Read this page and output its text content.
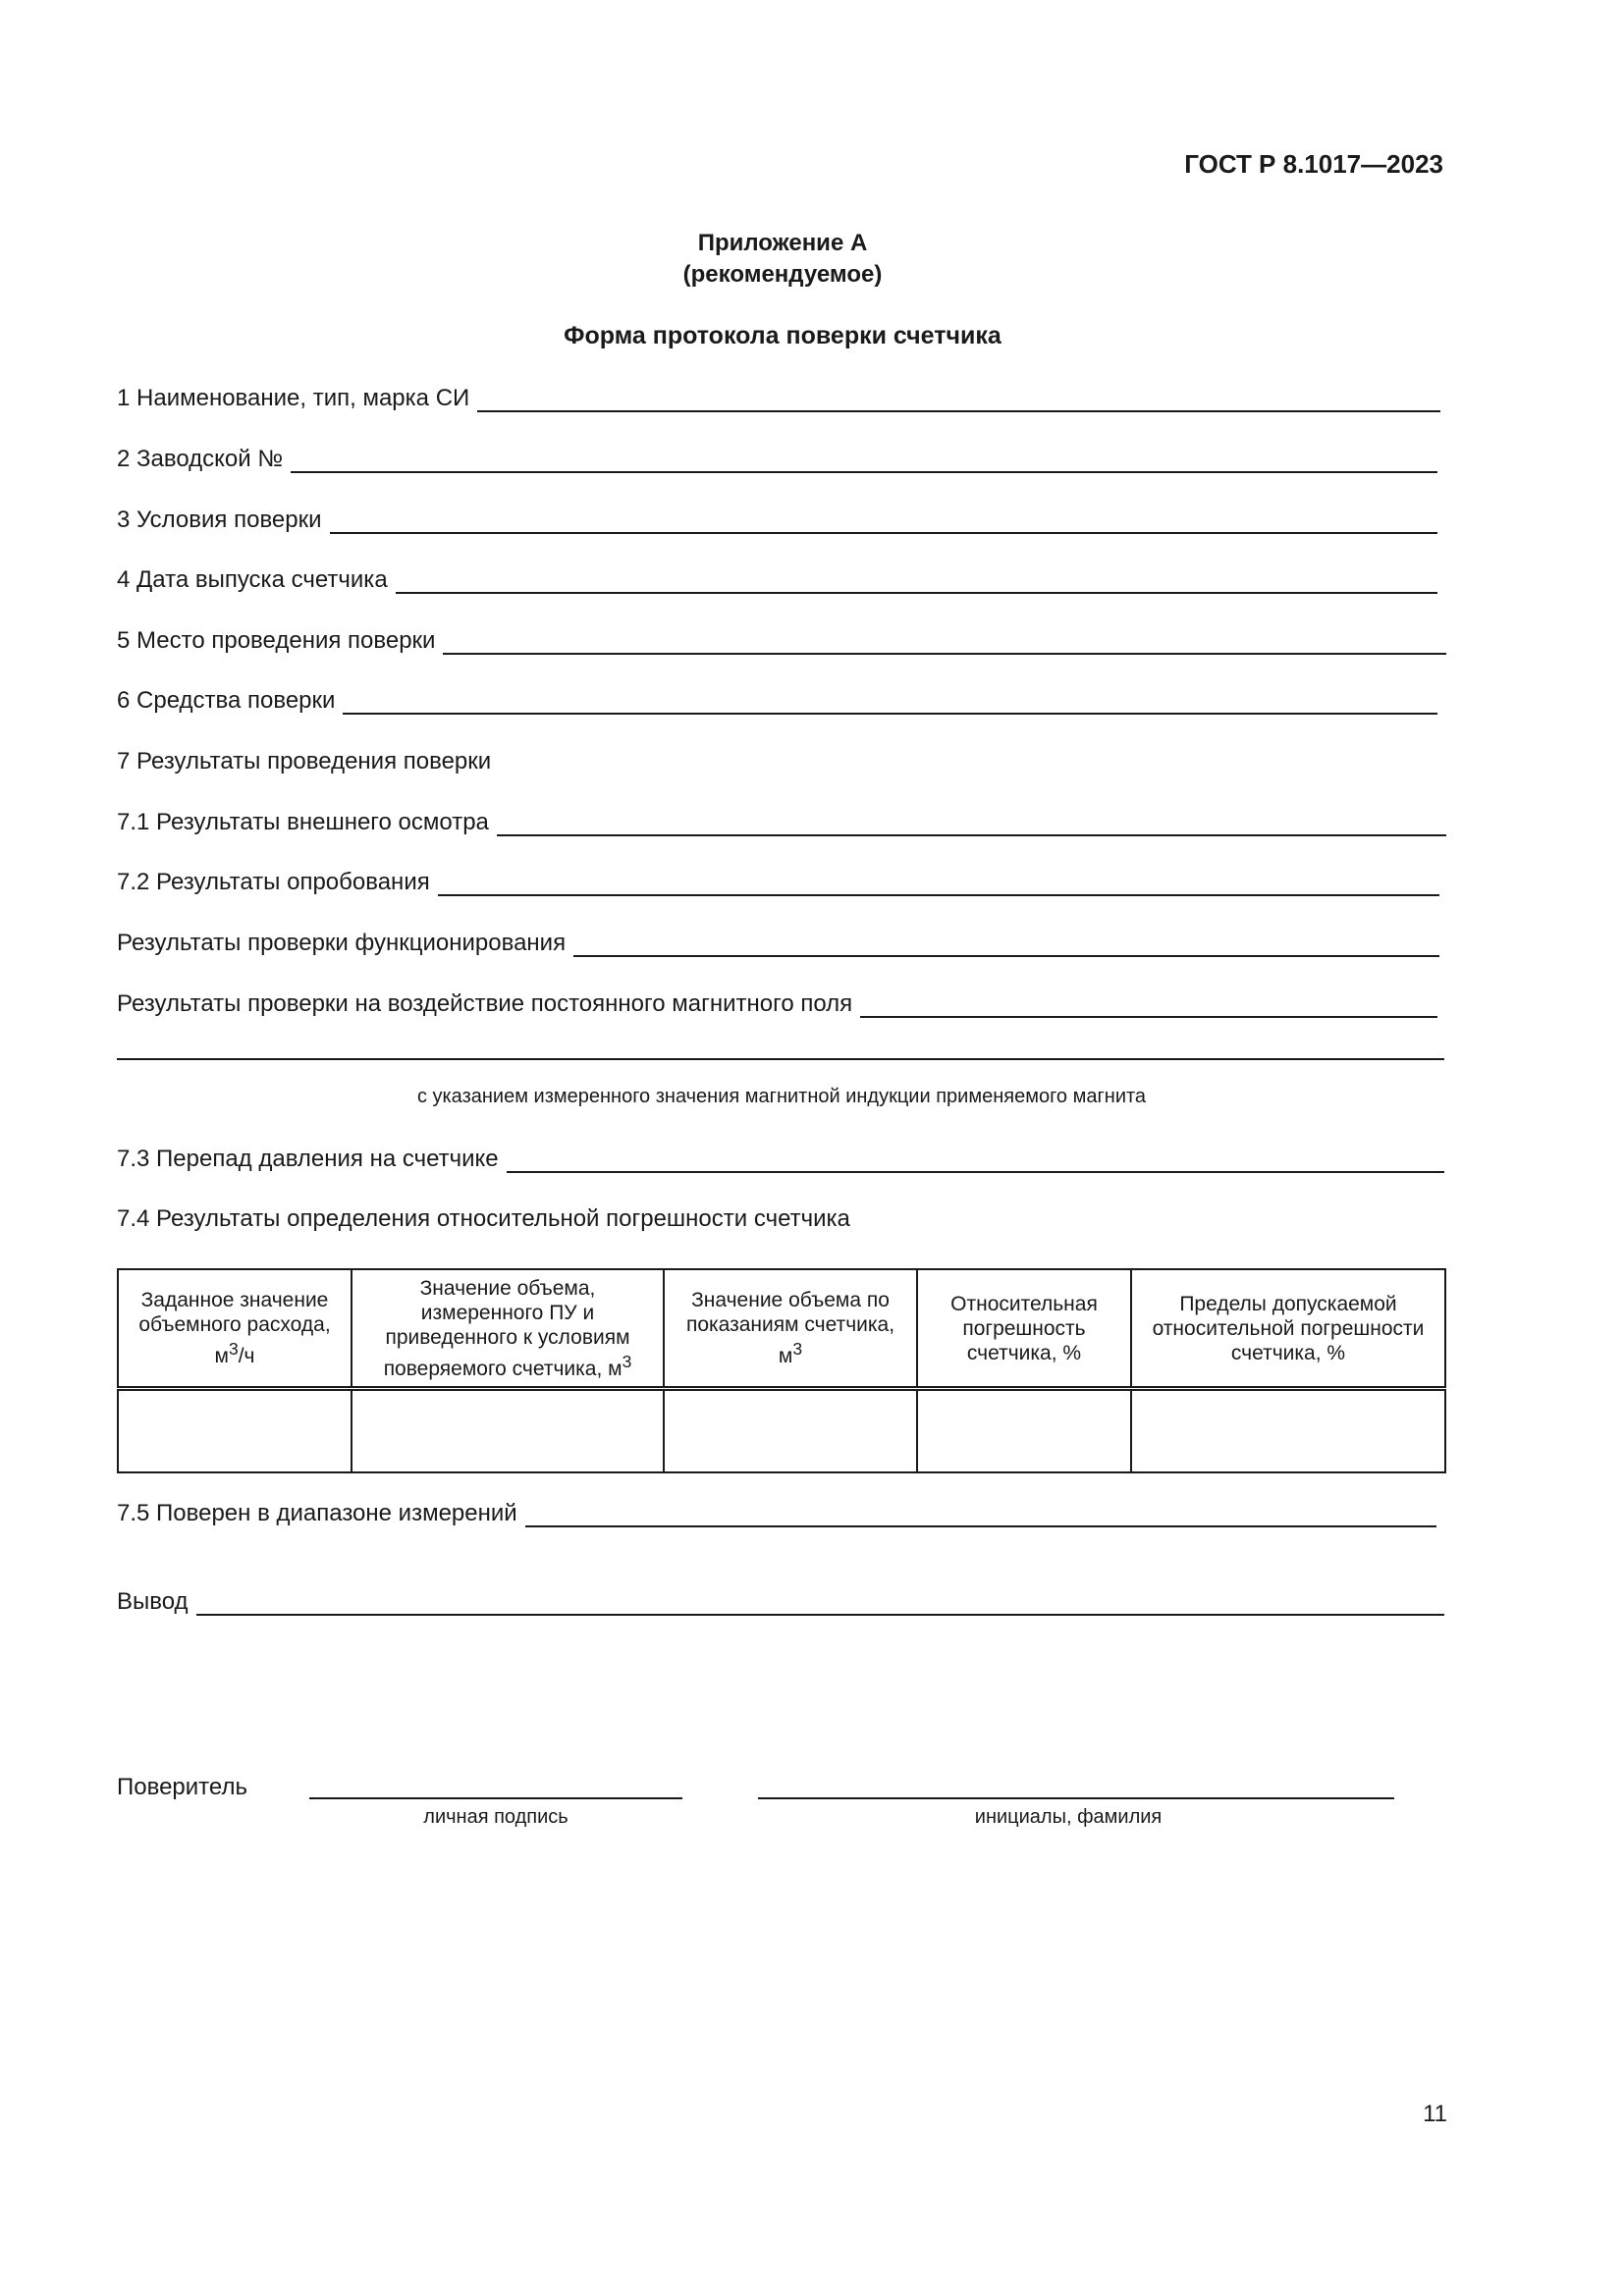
ГОСТ Р 8.1017—2023
Приложение А
(рекомендуемое)
Форма протокола поверки счетчика
1 Наименование, тип, марка СИ
2 Заводской №
3 Условия поверки
4 Дата выпуска счетчика
5 Место проведения поверки
6 Средства поверки
7 Результаты проведения поверки
7.1 Результаты внешнего осмотра
7.2 Результаты опробования
Результаты проверки функционирования
Результаты проверки на воздействие постоянного магнитного поля
с указанием измеренного значения магнитной индукции применяемого магнита
7.3 Перепад давления на счетчике
7.4 Результаты определения относительной погрешности счетчика
Заданное значение объемного расхода, $м^3/ч$	Значение объема, измеренного ПУ и приведенного к условиям поверяемого счетчика, $м^3$	Значение объема по показаниям счетчика, $м^3$	Относительная погрешность счетчика, %	Пределы допускаемой относительной погрешности счетчика, %

7.5 Поверен в диапазоне измерений
Вывод
Поверитель
личная подпись	инициалы, фамилия
11
